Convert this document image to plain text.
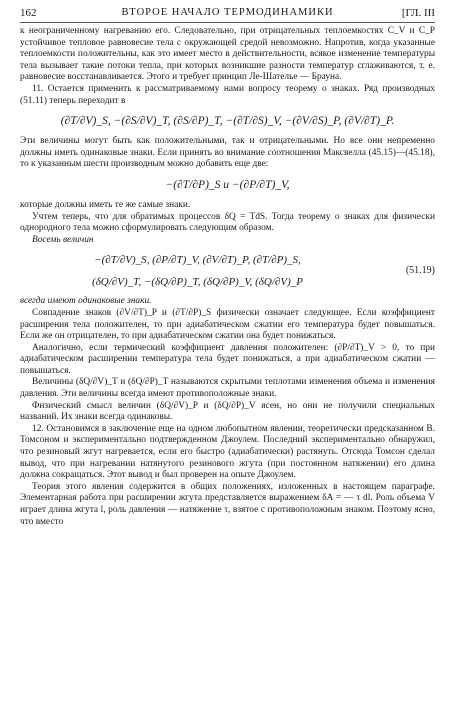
162	ВТОРОЕ НАЧАЛО ТЕРМОДИНАМИКИ	[ГЛ. III

к неограниченному нагреванию его. Следовательно, при отрицательных теплоемкостях C_V и C_P устойчивое тепловое равновесие тела с окружающей средой невозможно. Напротив, когда указанные теплоемкости положительны, как это имеет место в действительности, всякое изменение температуры тела вызывает такие потоки тепла, при которых возникшие разности температур сглаживаются, т. е. равновесие восстанавливается. Этого и требует принцип Ле-Шателье — Брауна.

11. Остается применить к рассматриваемому нами вопросу теорему о знаках. Ряд производных (51.11) теперь переходит в

(∂T/∂V)_S, −(∂S/∂V)_T, (∂S/∂P)_T, −(∂T/∂S)_V, −(∂V/∂S)_P, (∂V/∂T)_P.

Эти величины могут быть как положительными, так и отрицательными. Но все они непременно должны иметь одинаковые знаки. Если принять во внимание соотношения Максвелла (45.15)—(45.18), то к указанным шести производным можно добавить еще две:

−(∂T/∂P)_S и −(∂P/∂T)_V,

которые должны иметь те же самые знаки.

Учтем теперь, что для обратимых процессов δQ = TdS. Тогда теорему о знаках для физически однородного тела можно сформулировать следующим образом.

Восемь величин

−(∂T/∂V)_S, (∂P/∂T)_V, (∂V/∂T)_P, (∂T/∂P)_S,
(δQ/∂V)_T, −(δQ/∂P)_T, (δQ/∂P)_V, (δQ/∂V)_P
(51.19)

всегда имеют одинаковые знаки.

Совпадение знаков (∂V/∂T)_P и (∂T/∂P)_S физически означает следующее. Если коэффициент расширения тела положителен, то при адиабатическом сжатии его температура будет повышаться. Если же он отрицателен, то при адиабатическом сжатии она будет понижаться.

Аналогично, если термический коэффициент давления положителен: (∂P/∂T)_V > 0, то при адиабатическом расширении температура тела будет понижаться, а при адиабатическом сжатии — повышаться.

Величины (δQ/∂V)_T и (δQ/∂P)_T называются скрытыми теплотами изменения объема и изменения давления. Эти величины всегда имеют противоположные знаки.

Физический смысл величин (δQ/∂V)_P и (δQ/∂P)_V ясен, но они не получили специальных названий. Их знаки всегда одинаковы.

12. Остановимся в заключение еще на одном любопытном явлении, теоретически предсказанном В. Томсоном и экспериментально подтвержденном Джоулем. Последний экспериментально обнаружил, что резиновый жгут нагревается, если его быстро (адиабатически) растянуть. Отсюда Томсон сделал вывод, что при нагревании натянутого резинового жгута (при постоянном натяжении) его длина должна сокращаться. Этот вывод и был проверен на опыте Джоулем.

Теория этого явления содержится в общих положениях, изложенных в настоящем параграфе. Элементарная работа при расширении жгута представляется выражением δA = — τ dl. Роль объема V играет длина жгута l, роль давления — натяжение τ, взятое с противоположным знаком. Поэтому ясно, что вместо
